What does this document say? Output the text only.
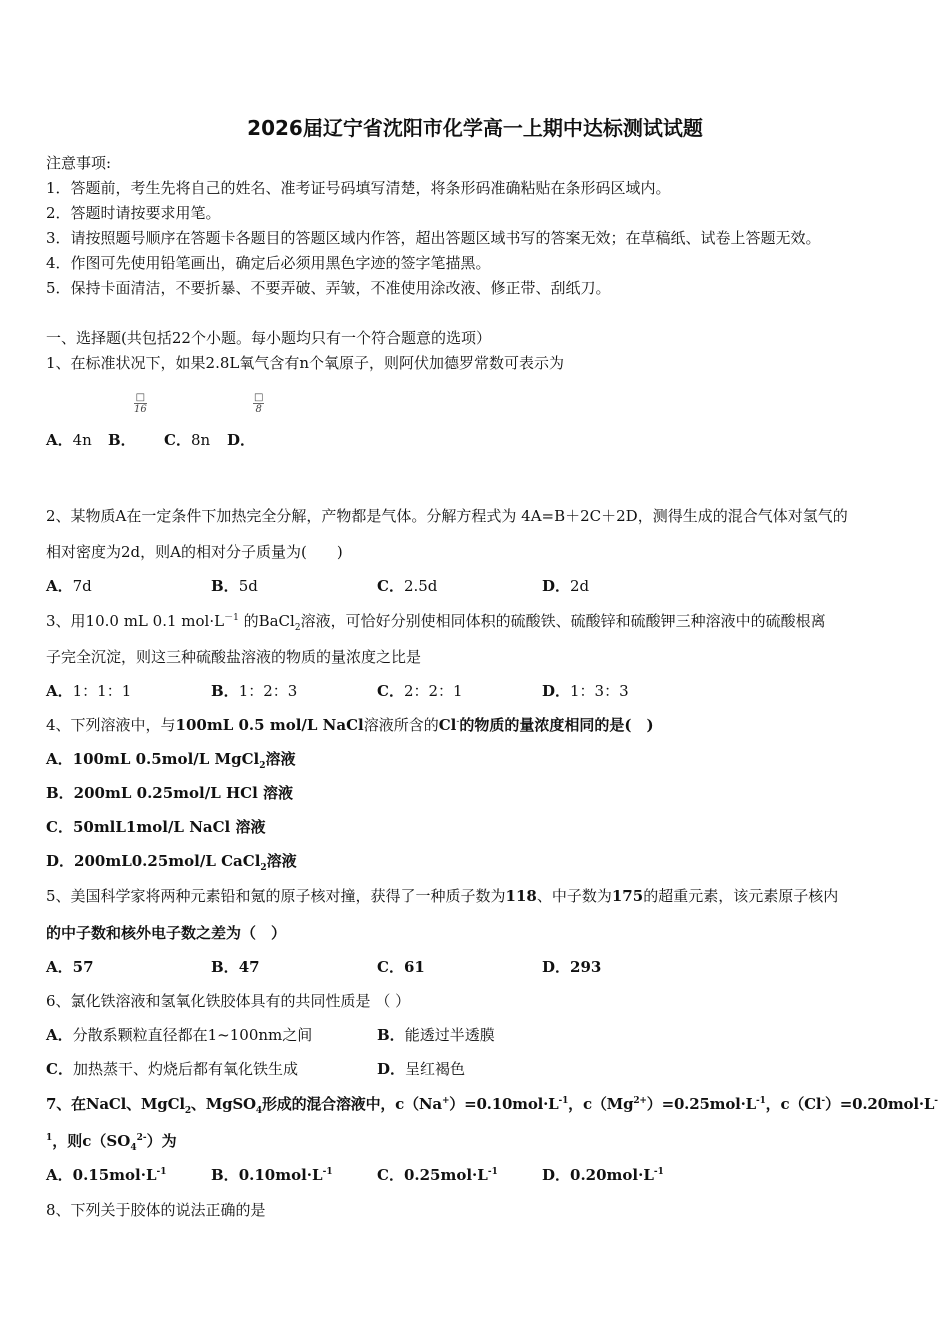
2026届辽宁省沈阳市化学高一上期中达标测试试题
注意事项:
1．答题前，考生先将自己的姓名、准考证号码填写清楚，将条形码准确粘贴在条形码区域内。
2．答题时请按要求用笔。
3．请按照题号顺序在答题卡各题目的答题区域内作答，超出答题区域书写的答案无效；在草稿纸、试卷上答题无效。
4．作图可先使用铅笔画出，确定后必须用黑色字迹的签字笔描黑。
5．保持卡面清洁，不要折暴、不要弄破、弄皱，不准使用涂改液、修正带、刮纸刀。
一、选择题(共包括22个小题。每小题均只有一个符合题意的选项）
1、在标准状况下，如果2.8L氧气含有n个氧原子，则阿伏加德罗常数可表示为
□
16
□
8
A．4n B． C．8n D．
2、某物质A在一定条件下加热完全分解，产物都是气体。分解方程式为 4A=B＋2C＋2D，测得生成的混合气体对氢气的
相对密度为2d，则A的相对分子质量为(　　)
A．7d	B．5d	C．2.5d	D．2d
3、用10.0 mL 0.1 $mol\cdot L^{-1}$ 的BaCl$_2$溶液，可恰好分别使相同体积的硫酸铁、硫酸锌和硫酸钾三种溶液中的硫酸根离
子完全沉淀，则这三种硫酸盐溶液的物质的量浓度之比是
A．1：1：1	B．1：2：3	C．2：2：1	D．1：3：3
4、下列溶液中，与100mL 0.5 mol/L NaCl溶液所含的Cl-的物质的量浓度相同的是(　)
A．100mL 0.5mol/L MgCl$_2$溶液
B．200mL 0.25mol/L HCl 溶液
C．50mlL1mol/L NaCl 溶液
D．200mL0.25mol/L CaCl$_2$溶液
5、美国科学家将两种元素铅和氪的原子核对撞，获得了一种质子数为118、中子数为175的超重元素，该元素原子核内
的中子数和核外电子数之差为（　）
A．57	B．47	C．61	D．293
6、氯化铁溶液和氢氧化铁胶体具有的共同性质是 （ ）
A．分散系颗粒直径都在1~100nm之间	B．能透过半透膜
C．加热蒸干、灼烧后都有氧化铁生成	D．呈红褐色
7、在NaCl、MgCl$_2$、MgSO$_4$形成的混合溶液中，$c(Na^+)=0.10mol\cdot L^{-1}$，$c(Mg^{2+})=0.25mol\cdot L^{-1}$，c（Cl-）=0.20mol·L-
$^1$，则$c(SO_4^{2-})$为
A．$0.15mol\cdot L^{-1}$	B．$0.10mol\cdot L^{-1}$	C．$0.25mol\cdot L^{-1}$	D．$0.20mol\cdot L^{-1}$
8、下列关于胶体的说法正确的是
